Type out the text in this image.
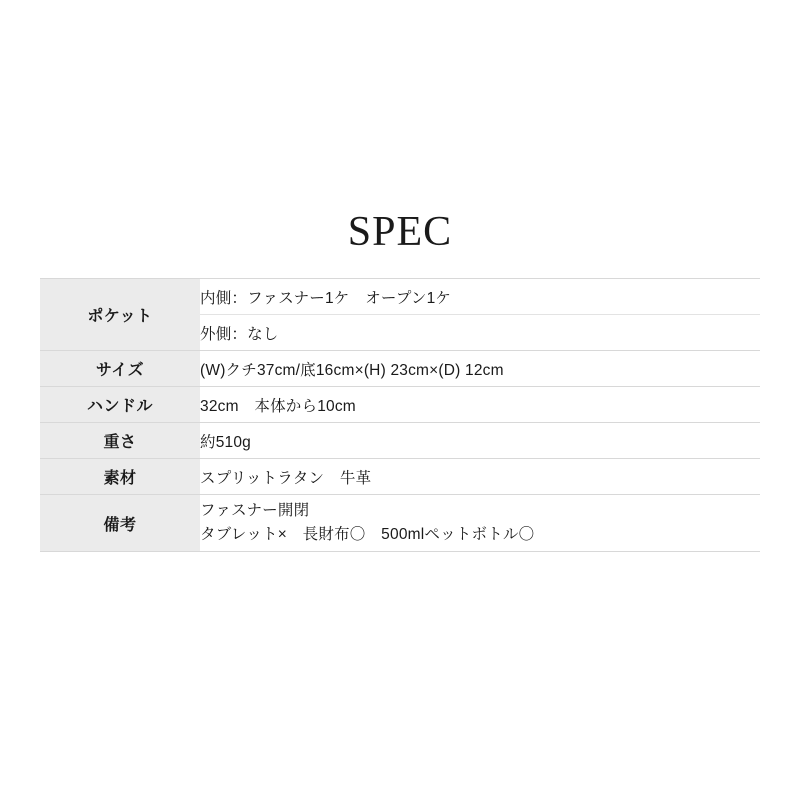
SPEC
ポケット	内側：ファスナー1ケ　オープン1ケ
	外側：なし
サイズ	(W)クチ37cm/底16cm×(H) 23cm×(D) 12cm
ハンドル	32cm　本体から10cm
重さ	約510g
素材	スプリットラタン　牛革
備考	ファスナー開閉
タブレット×　長財布〇　500mlペットボトル〇
